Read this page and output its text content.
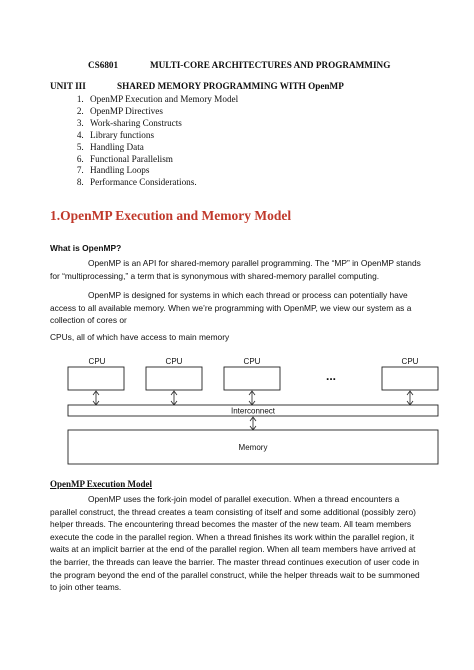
CS6801	MULTI-CORE ARCHITECTURES AND PROGRAMMING
UNIT III	SHARED MEMORY PROGRAMMING WITH OpenMP
1. OpenMP Execution and Memory Model
2. OpenMP Directives
3. Work-sharing Constructs
4. Library functions
5. Handling Data
6. Functional Parallelism
7. Handling Loops
8. Performance Considerations.
1.OpenMP Execution and Memory Model
What is OpenMP?
OpenMP is an API for shared-memory parallel programming. The “MP” in OpenMP stands for “multiprocessing,” a term that is synonymous with shared-memory parallel computing.
OpenMP is designed for systems in which each thread or process can potentially have access to all available memory. When we’re programming with OpenMP, we view our system as a collection of cores or
CPUs, all of which have access to main memory
CPU	CPU	CPU	CPU
...
Interconnect
Memory
OpenMP Execution Model
OpenMP uses the fork-join model of parallel execution. When a thread encounters a parallel construct, the thread creates a team consisting of itself and some additional (possibly zero) helper threads. The encountering thread becomes the master of the new team. All team members execute the code in the parallel region. When a thread finishes its work within the parallel region, it waits at an implicit barrier at the end of the parallel region. When all team members have arrived at the barrier, the threads can leave the barrier. The master thread continues execution of user code in the program beyond the end of the parallel construct, while the helper threads wait to be summoned to join other teams.
